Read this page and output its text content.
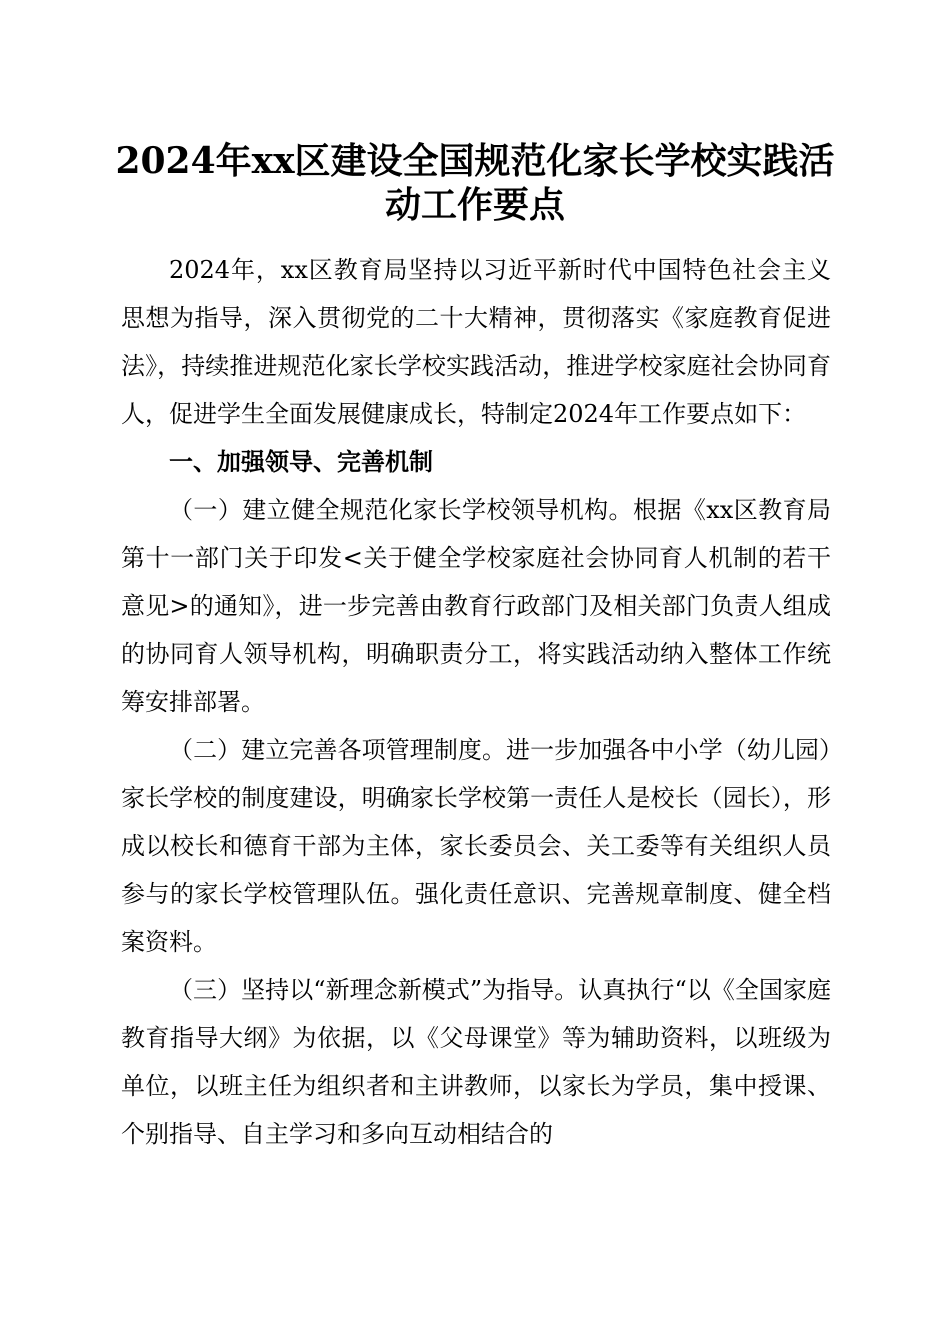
2024年xx区建设全国规范化家长学校实践活
动工作要点

2024年，xx区教育局坚持以习近平新时代中国特色社会主义思想为指导，深入贯彻党的二十大精神，贯彻落实《家庭教育促进法》，持续推进规范化家长学校实践活动，推进学校家庭社会协同育人，促进学生全面发展健康成长，特制定2024年工作要点如下：

一、加强领导、完善机制

（一）建立健全规范化家长学校领导机构。根据《xx区教育局第十一部门关于印发<关于健全学校家庭社会协同育人机制的若干意见>的通知》，进一步完善由教育行政部门及相关部门负责人组成的协同育人领导机构，明确职责分工，将实践活动纳入整体工作统筹安排部署。

（二）建立完善各项管理制度。进一步加强各中小学（幼儿园）家长学校的制度建设，明确家长学校第一责任人是校长（园长），形成以校长和德育干部为主体，家长委员会、关工委等有关组织人员参与的家长学校管理队伍。强化责任意识、完善规章制度、健全档案资料。

（三）坚持以“新理念新模式”为指导。认真执行“以《全国家庭教育指导大纲》为依据，以《父母课堂》等为辅助资料，以班级为单位，以班主任为组织者和主讲教师，以家长为学员，集中授课、个别指导、自主学习和多向互动相结合的
